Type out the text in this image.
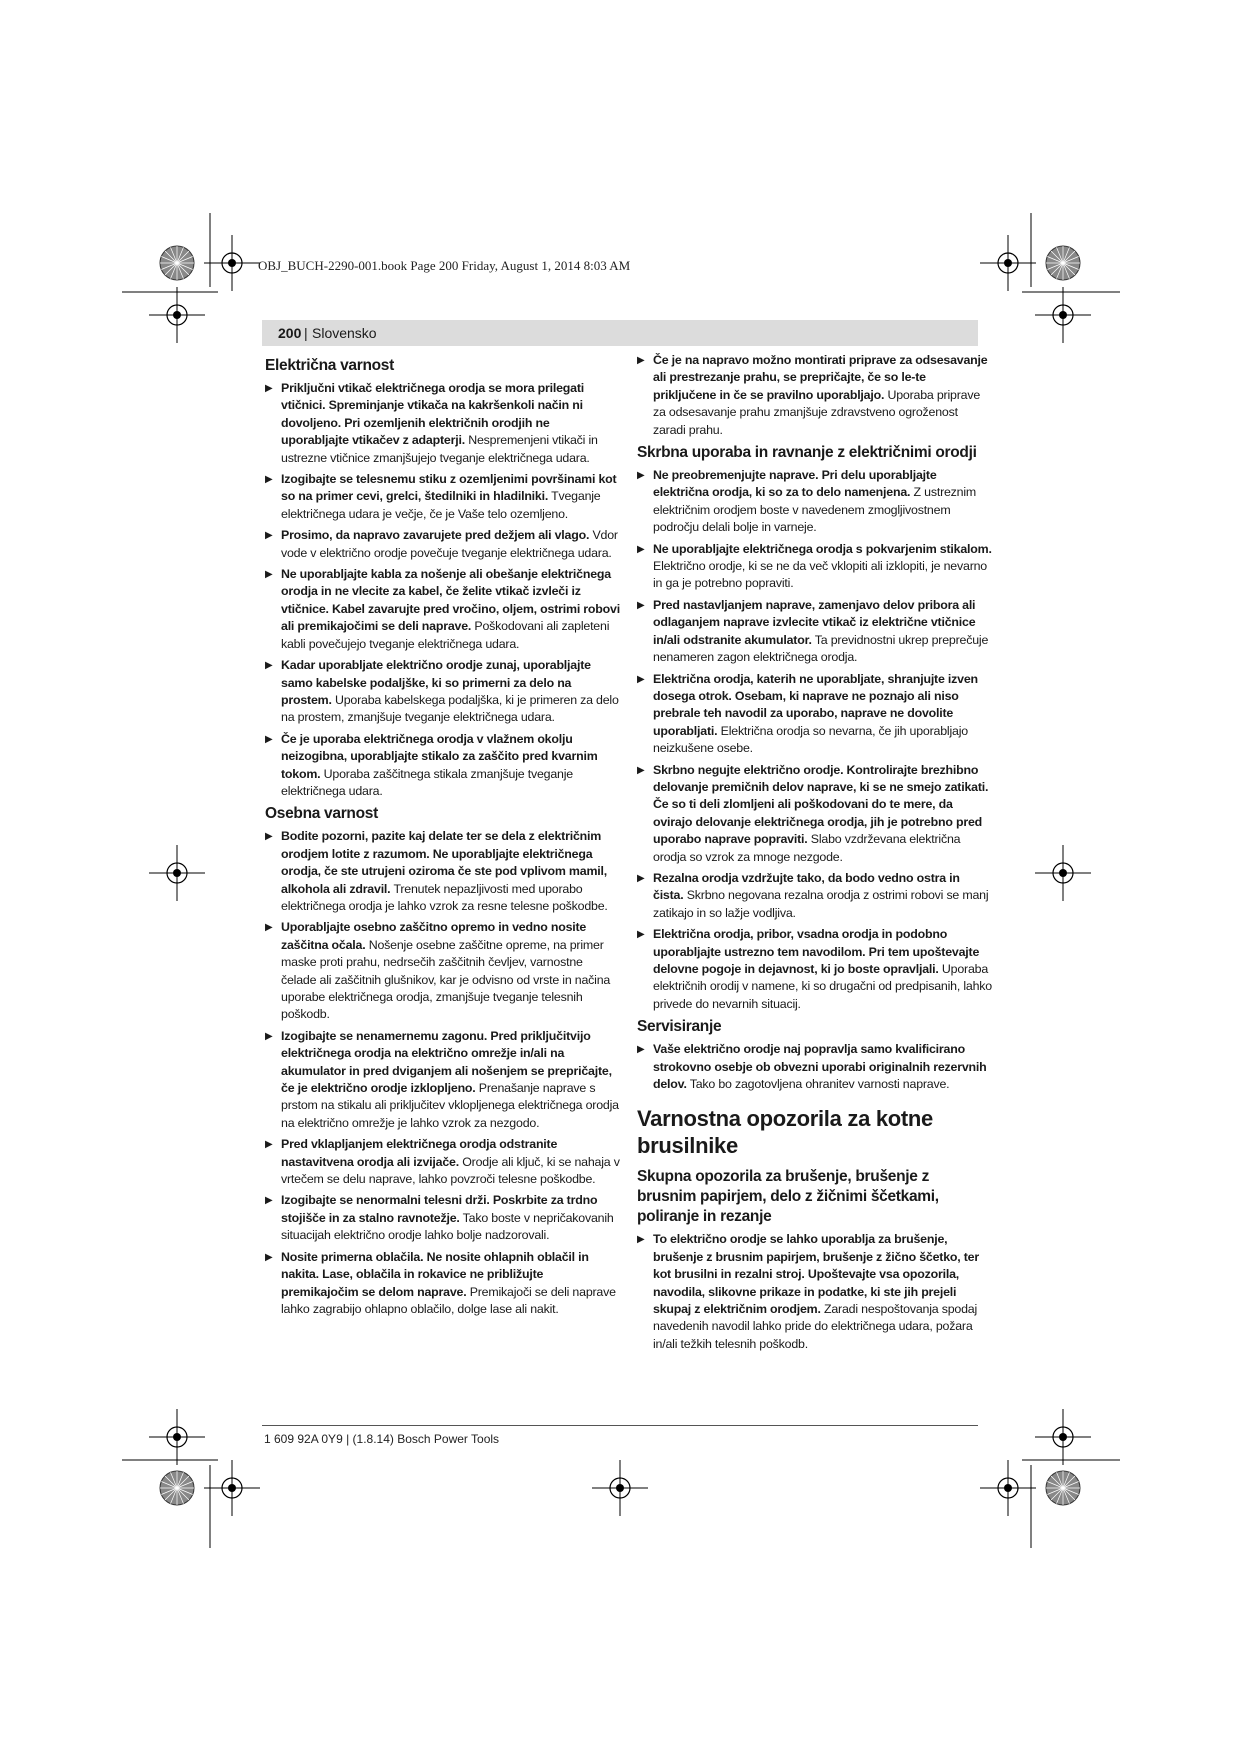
OBJ_BUCH-2290-001.book Page 200 Friday, August 1, 2014 8:03 AM
200 | Slovensko
Električna varnost
▶ Priključni vtikač električnega orodja se mora prilegati vtičnici. Spreminjanje vtikača na kakršenkoli način ni dovoljeno. Pri ozemljenih električnih orodjih ne uporabljajte vtikačev z adapterji. Nespremenjeni vtikači in ustrezne vtičnice zmanjšujejo tveganje električnega udara.
▶ Izogibajte se telesnemu stiku z ozemljenimi površinami kot so na primer cevi, grelci, štedilniki in hladilniki. Tveganje električnega udara je večje, če je Vaše telo ozemljeno.
▶ Prosimo, da napravo zavarujete pred dežjem ali vlago. Vdor vode v električno orodje povečuje tveganje električnega udara.
▶ Ne uporabljajte kabla za nošenje ali obešanje električnega orodja in ne vlecite za kabel, če želite vtikač izvleči iz vtičnice. Kabel zavarujte pred vročino, oljem, ostrimi robovi ali premikajočimi se deli naprave. Poškodovani ali zapleteni kabli povečujejo tveganje električnega udara.
▶ Kadar uporabljate električno orodje zunaj, uporabljajte samo kabelske podaljške, ki so primerni za delo na prostem. Uporaba kabelskega podaljška, ki je primeren za delo na prostem, zmanjšuje tveganje električnega udara.
▶ Če je uporaba električnega orodja v vlažnem okolju neizogibna, uporabljajte stikalo za zaščito pred kvarnim tokom. Uporaba zaščitnega stikala zmanjšuje tveganje električnega udara.
Osebna varnost
▶ Bodite pozorni, pazite kaj delate ter se dela z električnim orodjem lotite z razumom. Ne uporabljajte električnega orodja, če ste utrujeni oziroma če ste pod vplivom mamil, alkohola ali zdravil. Trenutek nepazljivosti med uporabo električnega orodja je lahko vzrok za resne telesne poškodbe.
▶ Uporabljajte osebno zaščitno opremo in vedno nosite zaščitna očala. Nošenje osebne zaščitne opreme, na primer maske proti prahu, nedrsečih zaščitnih čevljev, varnostne čelade ali zaščitnih glušnikov, kar je odvisno od vrste in načina uporabe električnega orodja, zmanjšuje tveganje telesnih poškodb.
▶ Izogibajte se nenamernemu zagonu. Pred priključitvijo električnega orodja na električno omrežje in/ali na akumulator in pred dviganjem ali nošenjem se prepričajte, če je električno orodje izklopljeno. Prenašanje naprave s prstom na stikalu ali priključitev vklopljenega električnega orodja na električno omrežje je lahko vzrok za nezgodo.
▶ Pred vklapljanjem električnega orodja odstranite nastavitvena orodja ali izvijače. Orodje ali ključ, ki se nahaja v vrtečem se delu naprave, lahko povzroči telesne poškodbe.
▶ Izogibajte se nenormalni telesni drži. Poskrbite za trdno stojišče in za stalno ravnotežje. Tako boste v nepričakovanih situacijah električno orodje lahko bolje nadzorovali.
▶ Nosite primerna oblačila. Ne nosite ohlapnih oblačil in nakita. Lase, oblačila in rokavice ne približujte premikajočim se delom naprave. Premikajoči se deli naprave lahko zagrabijo ohlapno oblačilo, dolge lase ali nakit.
▶ Če je na napravo možno montirati priprave za odsesavanje ali prestrezanje prahu, se prepričajte, če so le-te priključene in če se pravilno uporabljajo. Uporaba priprave za odsesavanje prahu zmanjšuje zdravstveno ogroženost zaradi prahu.
Skrbna uporaba in ravnanje z električnimi orodji
▶ Ne preobremenjujte naprave. Pri delu uporabljajte električna orodja, ki so za to delo namenjena. Z ustreznim električnim orodjem boste v navedenem zmogljivostnem področju delali bolje in varneje.
▶ Ne uporabljajte električnega orodja s pokvarjenim stikalom. Električno orodje, ki se ne da več vklopiti ali izklopiti, je nevarno in ga je potrebno popraviti.
▶ Pred nastavljanjem naprave, zamenjavo delov pribora ali odlaganjem naprave izvlecite vtikač iz električne vtičnice in/ali odstranite akumulator. Ta previdnostni ukrep preprečuje nenameren zagon električnega orodja.
▶ Električna orodja, katerih ne uporabljate, shranjujte izven dosega otrok. Osebam, ki naprave ne poznajo ali niso prebrale teh navodil za uporabo, naprave ne dovolite uporabljati. Električna orodja so nevarna, če jih uporabljajo neizkušene osebe.
▶ Skrbno negujte električno orodje. Kontrolirajte brezhibno delovanje premičnih delov naprave, ki se ne smejo zatikati. Če so ti deli zlomljeni ali poškodovani do te mere, da ovirajo delovanje električnega orodja, jih je potrebno pred uporabo naprave popraviti. Slabo vzdrževana električna orodja so vzrok za mnoge nezgode.
▶ Rezalna orodja vzdržujte tako, da bodo vedno ostra in čista. Skrbno negovana rezalna orodja z ostrimi robovi se manj zatikajo in so lažje vodljiva.
▶ Električna orodja, pribor, vsadna orodja in podobno uporabljajte ustrezno tem navodilom. Pri tem upoštevajte delovne pogoje in dejavnost, ki jo boste opravljali. Uporaba električnih orodij v namene, ki so drugačni od predpisanih, lahko privede do nevarnih situacij.
Servisiranje
▶ Vaše električno orodje naj popravlja samo kvalificirano strokovno osebje ob obvezni uporabi originalnih rezervnih delov. Tako bo zagotovljena ohranitev varnosti naprave.
Varnostna opozorila za kotne brusilnike
Skupna opozorila za brušenje, brušenje z brusnim papirjem, delo z žičnimi ščetkami, poliranje in rezanje
▶ To električno orodje se lahko uporablja za brušenje, brušenje z brusnim papirjem, brušenje z žično ščetko, ter kot brusilni in rezalni stroj. Upoštevajte vsa opozorila, navodila, slikovne prikaze in podatke, ki ste jih prejeli skupaj z električnim orodjem. Zaradi nespoštovanja spodaj navedenih navodil lahko pride do električnega udara, požara in/ali težkih telesnih poškodb.
1 609 92A 0Y9 | (1.8.14) Bosch Power Tools
